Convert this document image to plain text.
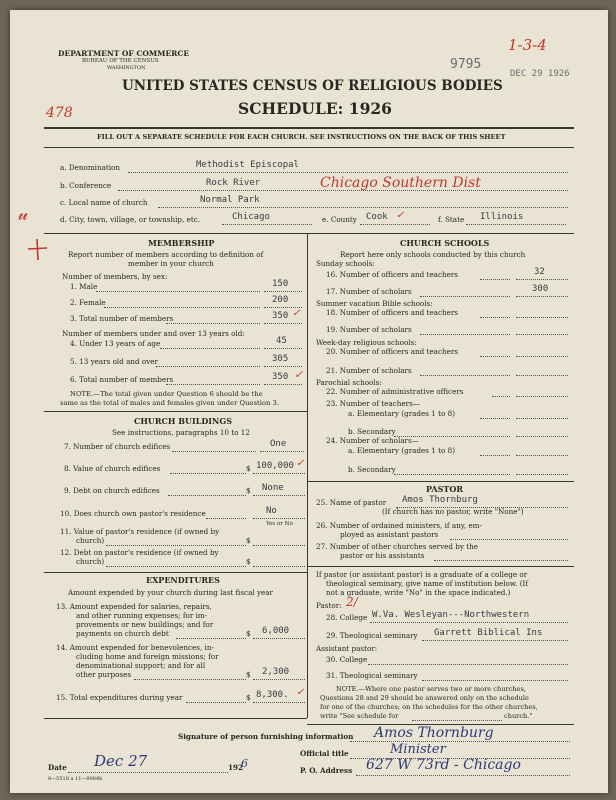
DEPARTMENT OF COMMERCE
BUREAU OF THE CENSUS
WASHINGTON	9795
1-3-4
DEC 29 1926
UNITED STATES CENSUS OF RELIGIOUS BODIES
SCHEDULE: 1926
478
FILL OUT A SEPARATE SCHEDULE FOR EACH CHURCH. SEE INSTRUCTIONS ON THE BACK OF THIS SHEET
𝓊
a. Denomination	Methodist Episcopal
b. Conference	Rock River	Chicago Southern Dist
c. Local name of church	Normal Park
d. City, town, village, or township, etc.	Chicago	e. County Cook ✓	f. State Illinois
MEMBERSHIP
Report number of members according to definition of
member in your church
Number of members, by sex:
1. Male	150
2. Female	200
3. Total number of members	350 ✓
Number of members under and over 13 years old:
4. Under 13 years of age	45
5. 13 years old and over	305
6. Total number of members	350 ✓
NOTE.—The total given under Question 6 should be the
same as the total of males and females given under Question 3.
CHURCH BUILDINGS
See instructions, paragraphs 10 to 12
7. Number of church edifices	One
8. Value of church edifices	$ 100,000 ✓
9. Debt on church edifices	$ None
10. Does church own pastor's residence	No
Yes or No
11. Value of pastor's residence (if owned by
church)	$
12. Debt on pastor's residence (if owned by
church)	$
EXPENDITURES
Amount expended by your church during last fiscal year
13. Amount expended for salaries, repairs,
and other running expenses; for im-
provements or new buildings; and for
payments on church debt	$ 6,000
14. Amount expended for benevolences, in-
cluding home and foreign missions; for
denominational support; and for all
other purposes	$ 2,300
15. Total expenditures during year	$ 8,300. ✓
CHURCH SCHOOLS
Report here only schools conducted by this church
Sunday schools:
16. Number of officers and teachers	32
17. Number of scholars	300
Summer vacation Bible schools:
18. Number of officers and teachers
19. Number of scholars
Week-day religious schools:
20. Number of officers and teachers
21. Number of scholars
Parochial schools:
22. Number of administrative officers
23. Number of teachers—
a. Elementary (grades 1 to 8)
b. Secondary
24. Number of scholars—
a. Elementary (grades 1 to 8)
b. Secondary
PASTOR
25. Name of pastor Amos Thornburg
(If church has no pastor, write "None")
26. Number of ordained ministers, if any, em-
ployed as assistant pastors
27. Number of other churches served by the
pastor or his assistants
If pastor (or assistant pastor) is a graduate of a college or
theological seminary, give name of institution below. (If
not a graduate, write "No" in the space indicated.)
Pastor: 2/
28. College W.Va. Wesleyan---Northwestern
29. Theological seminary Garrett Biblical Ins
Assistant pastor:
30. College
31. Theological seminary
NOTE.—Where one pastor serves two or more churches,
Questions 28 and 29 should be answered only on the schedule
for one of the churches; on the schedules for the other churches,
write "See schedule for	church."
Signature of person furnishing information Amos Thornburg
Official title	Minister
Date Dec 27	192
6
8—5518 a 11—9084b
P. O. Address 627 W 73rd - Chicago
